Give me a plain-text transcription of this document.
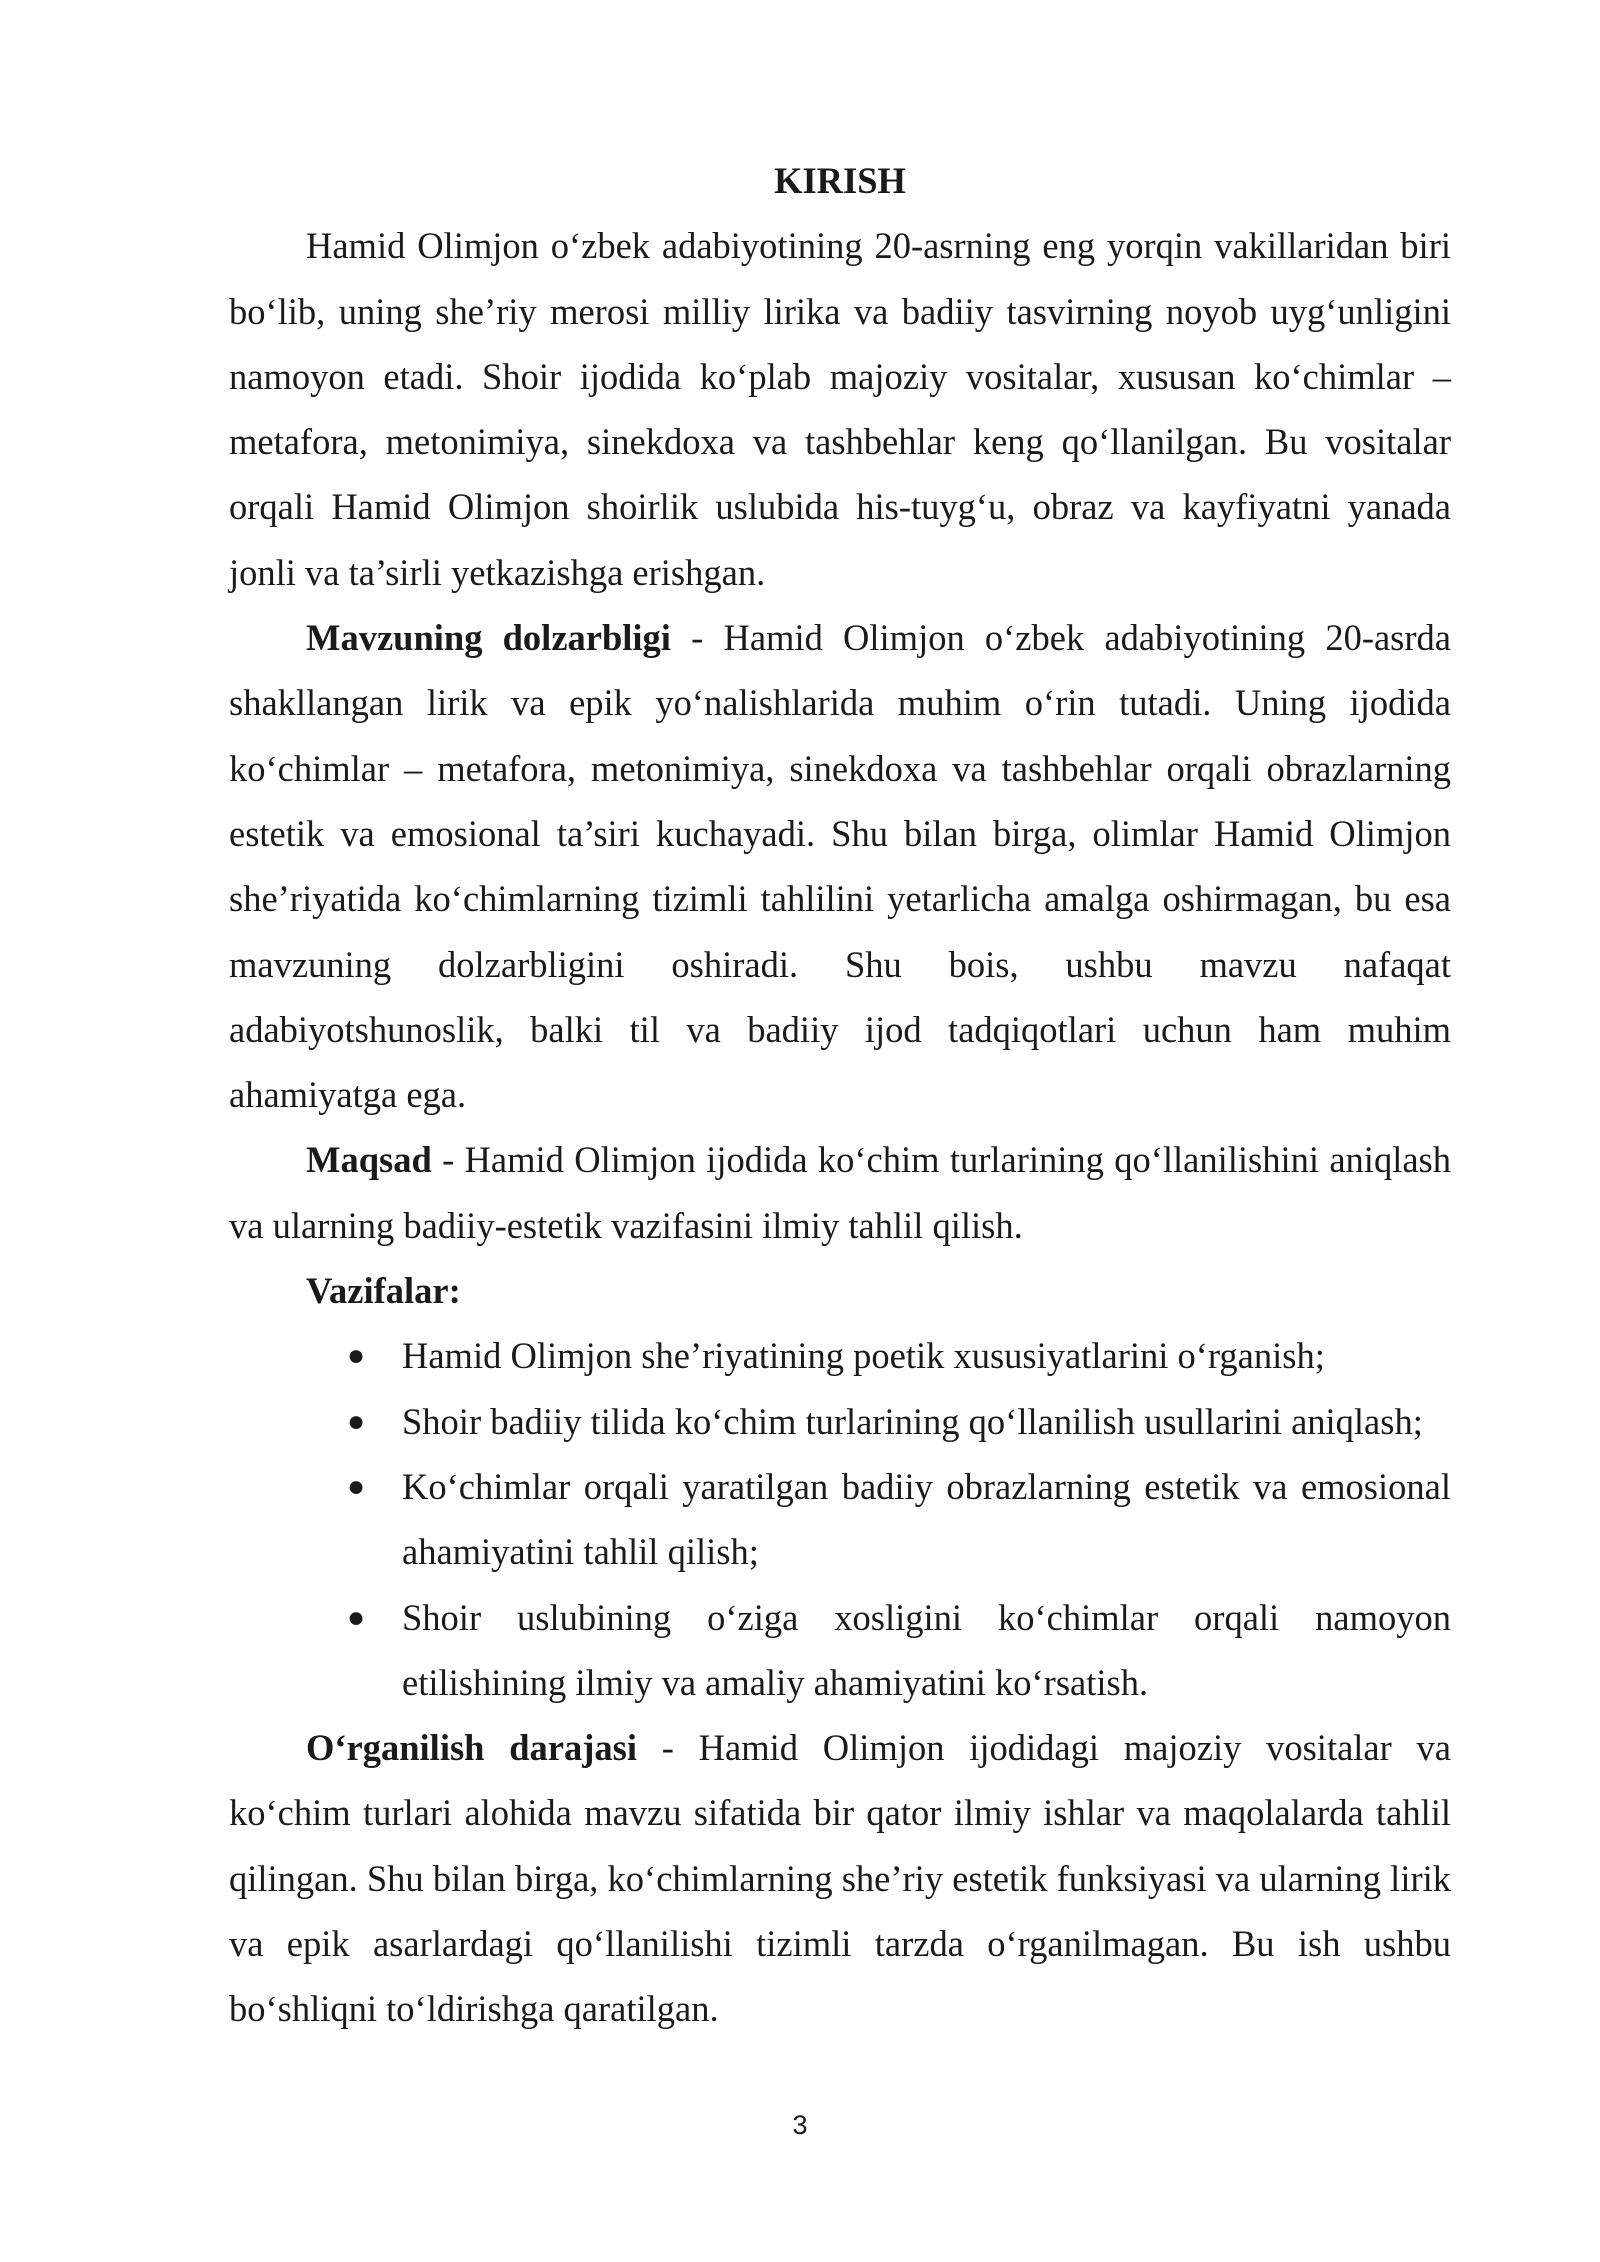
KIRISH

Hamid Olimjon o‘zbek adabiyotining 20-asrning eng yorqin vakillaridan biri bo‘lib, uning she’riy merosi milliy lirika va badiiy tasvirning noyob uyg‘unligini namoyon etadi. Shoir ijodida ko‘plab majoziy vositalar, xususan ko‘chimlar – metafora, metonimiya, sinekdoxa va tashbehlar keng qo‘llanilgan. Bu vositalar orqali Hamid Olimjon shoirlik uslubida his-tuyg‘u, obraz va kayfiyatni yanada jonli va ta’sirli yetkazishga erishgan.

Mavzuning dolzarbligi - Hamid Olimjon o‘zbek adabiyotining 20-asrda shakllangan lirik va epik yo‘nalishlarida muhim o‘rin tutadi. Uning ijodida ko‘chimlar – metafora, metonimiya, sinekdoxa va tashbehlar orqali obrazlarning estetik va emosional ta’siri kuchayadi. Shu bilan birga, olimlar Hamid Olimjon she’riyatida ko‘chimlarning tizimli tahlilini yetarlicha amalga oshirmagan, bu esa mavzuning dolzarbligini oshiradi. Shu bois, ushbu mavzu nafaqat adabiyotshunoslik, balki til va badiiy ijod tadqiqotlari uchun ham muhim ahamiyatga ega.

Maqsad - Hamid Olimjon ijodida ko‘chim turlarining qo‘llanilishini aniqlash va ularning badiiy-estetik vazifasini ilmiy tahlil qilish.

Vazifalar:

● Hamid Olimjon she’riyatining poetik xususiyatlarini o‘rganish;
● Shoir badiiy tilida ko‘chim turlarining qo‘llanilish usullarini aniqlash;
● Ko‘chimlar orqali yaratilgan badiiy obrazlarning estetik va emosional ahamiyatini tahlil qilish;
● Shoir uslubining o‘ziga xosligini ko‘chimlar orqali namoyon etilishining ilmiy va amaliy ahamiyatini ko‘rsatish.

O‘rganilish darajasi - Hamid Olimjon ijodidagi majoziy vositalar va ko‘chim turlari alohida mavzu sifatida bir qator ilmiy ishlar va maqolalarda tahlil qilingan. Shu bilan birga, ko‘chimlarning she’riy estetik funksiyasi va ularning lirik va epik asarlardagi qo‘llanilishi tizimli tarzda o‘rganilmagan. Bu ish ushbu bo‘shliqni to‘ldirishga qaratilgan.

3
